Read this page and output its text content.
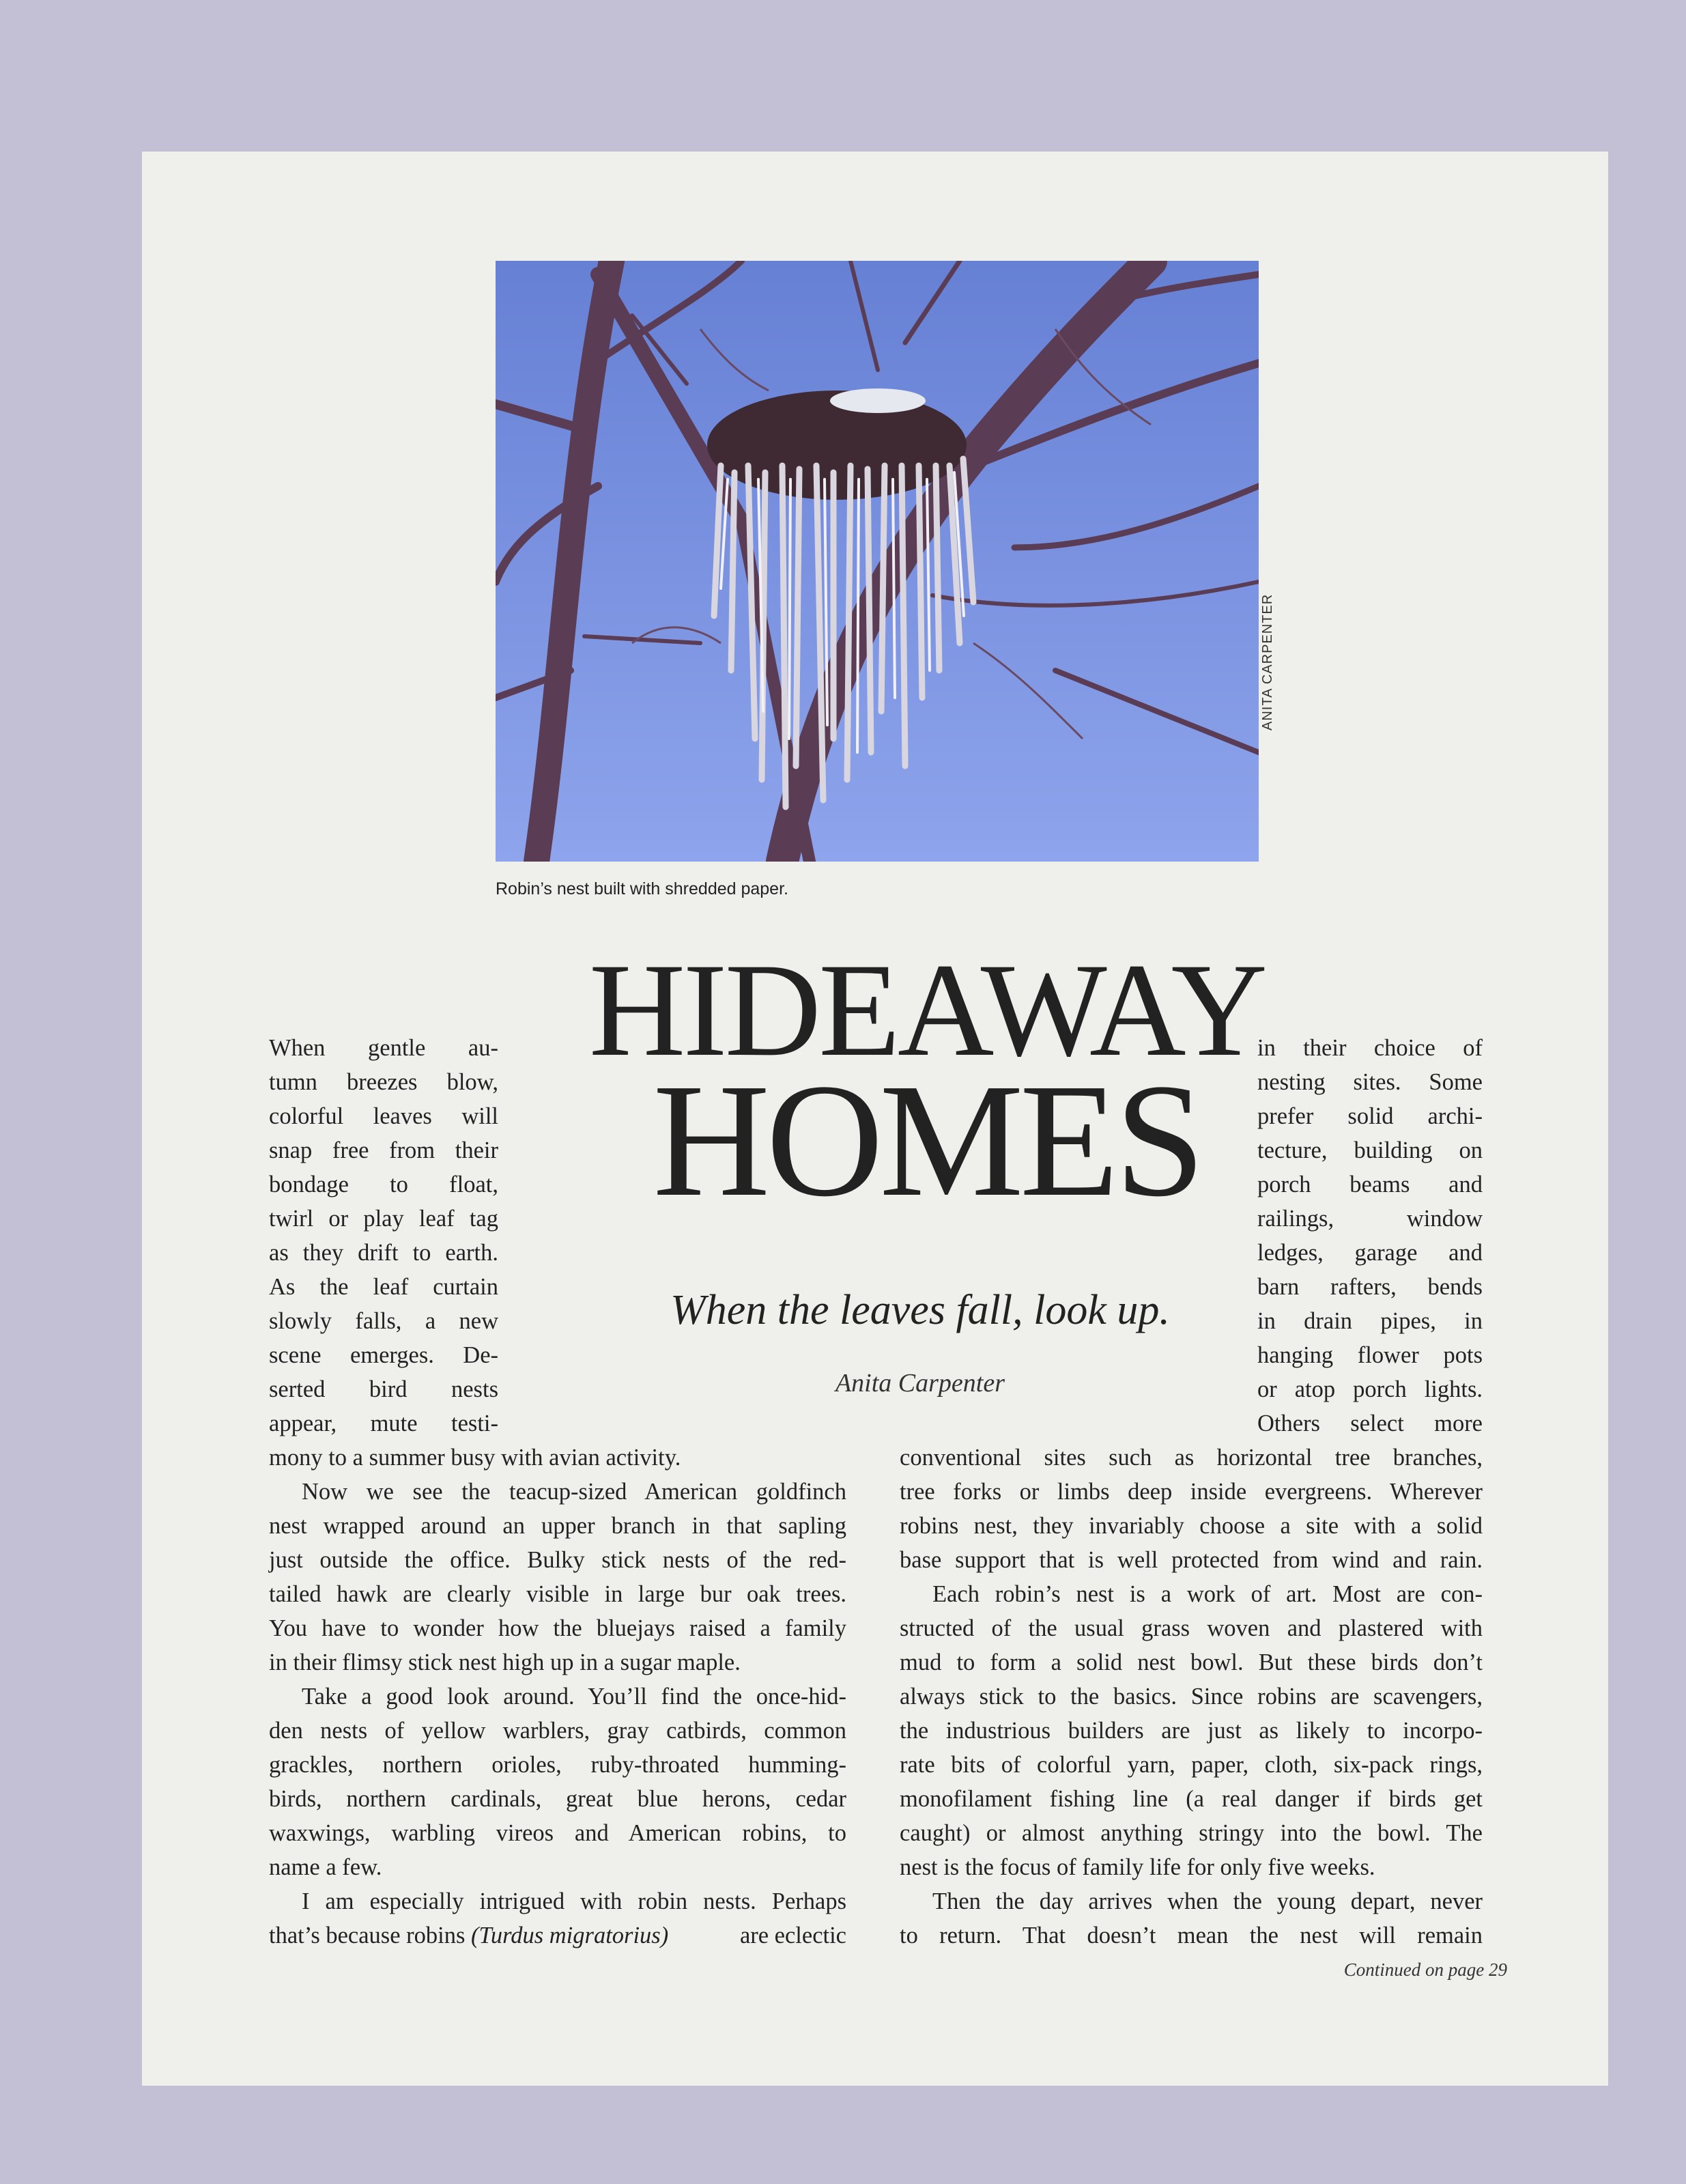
ANITA CARPENTER
Robin’s nest built with shredded paper.
HIDEAWAY
HOMES
When the leaves fall, look up.
Anita Carpenter
When gentle au-
tumn breezes blow,
colorful leaves will
snap free from their
bondage to float,
twirl or play leaf tag
as they drift to earth.
As the leaf curtain
slowly falls, a new
scene emerges. De-
serted bird nests
appear, mute testi-
in their choice of
nesting sites. Some
prefer solid archi-
tecture, building on
porch beams and
railings, window
ledges, garage and
barn rafters, bends
in drain pipes, in
hanging flower pots
or atop porch lights.
Others select more
mony to a summer busy with avian activity.
Now we see the teacup-sized American goldfinch
nest wrapped around an upper branch in that sapling
just outside the office. Bulky stick nests of the red-
tailed hawk are clearly visible in large bur oak trees.
You have to wonder how the bluejays raised a family
in their flimsy stick nest high up in a sugar maple.
Take a good look around. You’ll find the once-hid-
den nests of yellow warblers, gray catbirds, common
grackles, northern orioles, ruby-throated humming-
birds, northern cardinals, great blue herons, cedar
waxwings, warbling vireos and American robins, to
name a few.
I am especially intrigued with robin nests. Perhaps
that’s because robins (Turdus migratorius)	are eclectic
conventional sites such as horizontal tree branches,
tree forks or limbs deep inside evergreens. Wherever
robins nest, they invariably choose a site with a solid
base support that is well protected from wind and rain.
Each robin’s nest is a work of art. Most are con-
structed of the usual grass woven and plastered with
mud to form a solid nest bowl. But these birds don’t
always stick to the basics. Since robins are scavengers,
the industrious builders are just as likely to incorpo-
rate bits of colorful yarn, paper, cloth, six-pack rings,
monofilament fishing line (a real danger if birds get
caught) or almost anything stringy into the bowl. The
nest is the focus of family life for only five weeks.
Then the day arrives when the young depart, never
to return. That doesn’t mean the nest will remain
Continued on page 29
